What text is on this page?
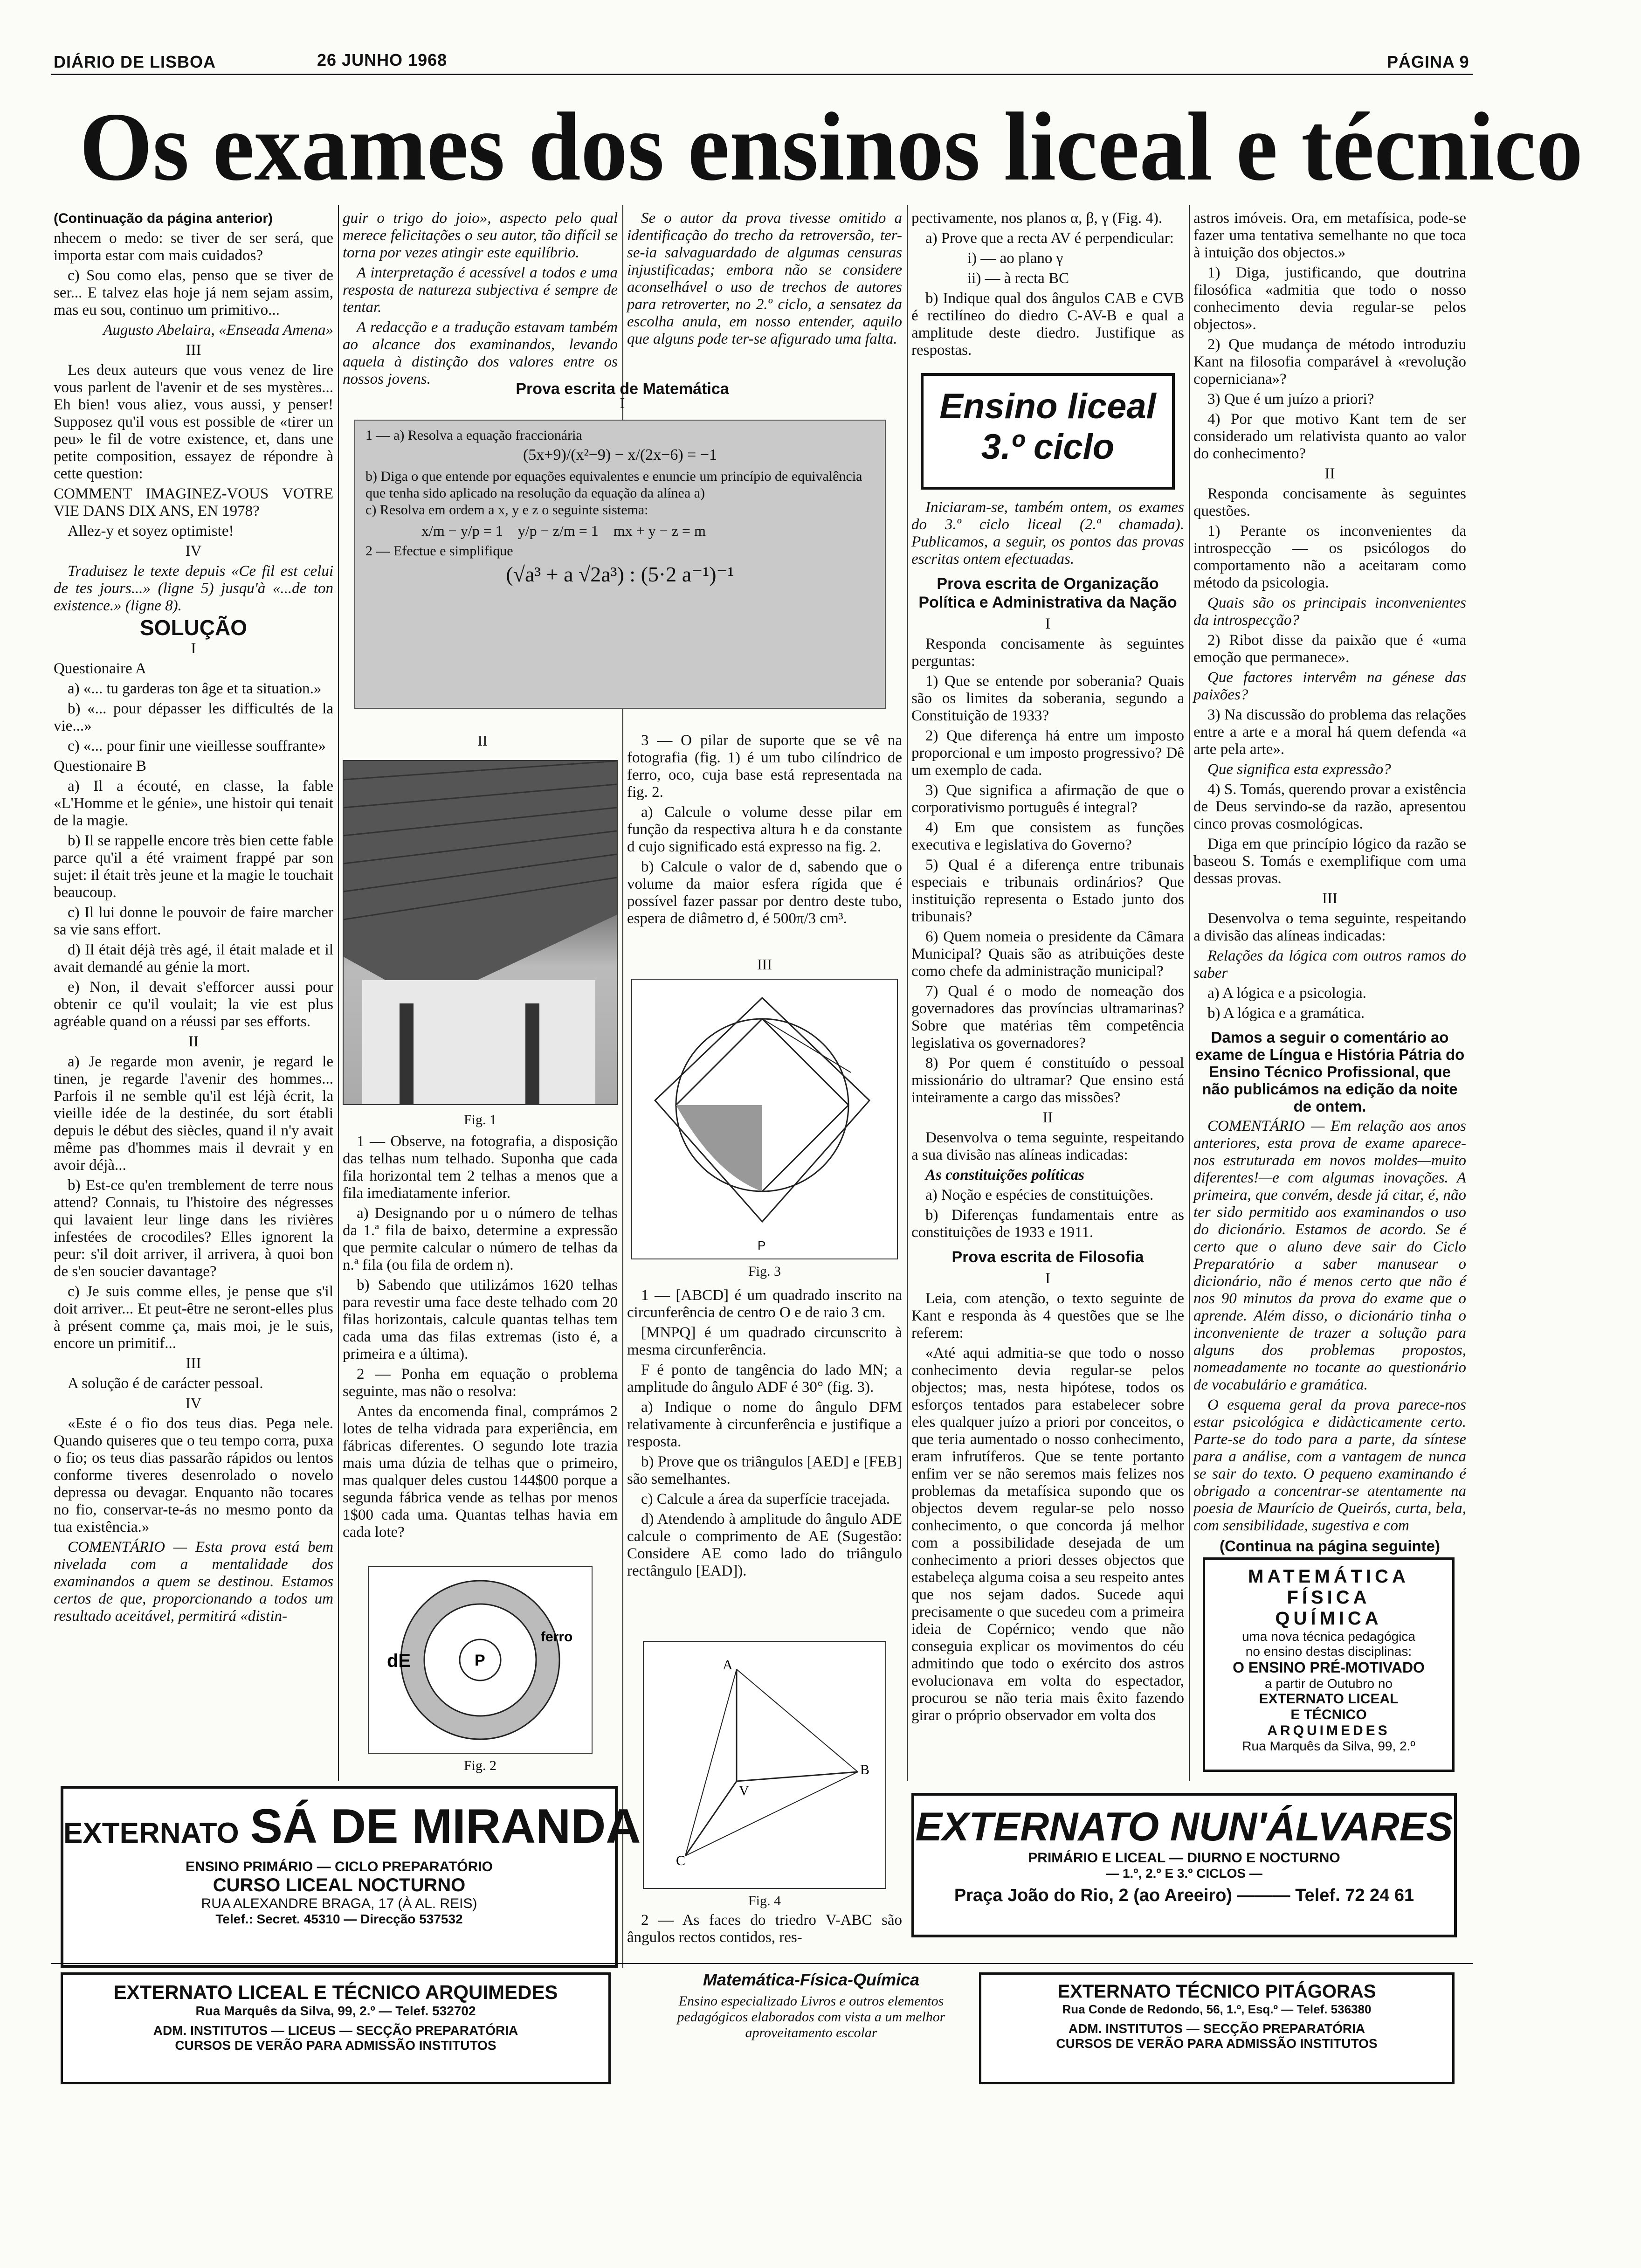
DIÁRIO DE LISBOA	26 JUNHO 1968	PÁGINA 9
Os exames dos ensinos liceal e técnico

(Continuação da página anterior)

nhecem o medo: se tiver de ser será, que importa estar com mais cuidados?

c) Sou como elas, penso que se tiver de ser... E talvez elas hoje já nem sejam assim, mas eu sou, continuo um primitivo...

Augusto Abelaira, «Enseada Amena»

III

Les deux auteurs que vous venez de lire vous parlent de l'avenir et de ses mystères... Eh bien! vous aliez, vous aussi, y penser! Supposez qu'il vous est possible de «tirer un peu» le fil de votre existence, et, dans une petite composition, essayez de répondre à cette question:

COMMENT IMAGINEZ-VOUS VOTRE VIE DANS DIX ANS, EN 1978?

Allez-y et soyez optimiste!

IV

Traduisez le texte depuis «Ce fil est celui de tes jours...» (ligne 5) jusqu'à «...de ton existence.» (ligne 8).

SOLUÇÃO

I

Questionaire A

a) «... tu garderas ton âge et ta situation.»

b) «... pour dépasser les difficultés de la vie...»

c) «... pour finir une vieillesse souffrante»

Questionaire B

a) Il a écouté, en classe, la fable «L'Homme et le génie», une histoir qui tenait de la magie.

b) Il se rappelle encore très bien cette fable parce qu'il a été vraiment frappé par son sujet: il était très jeune et la magie le touchait beaucoup.

c) Il lui donne le pouvoir de faire marcher sa vie sans effort.

d) Il était déjà très agé, il était malade et il avait demandé au génie la mort.

e) Non, il devait s'efforcer aussi pour obtenir ce qu'il voulait; la vie est plus agréable quand on a réussi par ses efforts.

II

a) Je regarde mon avenir, je regard le tinen, je regarde l'avenir des hommes... Parfois il ne semble qu'il est léjà écrit, la vieille idée de la destinée, du sort établi depuis le début des siècles, quand il n'y avait même pas d'hommes mais il devrait y en avoir déjà...

b) Est-ce qu'en tremblement de terre nous attend? Connais, tu l'histoire des négresses qui lavaient leur linge dans les rivières infestées de crocodiles? Elles ignorent la peur: s'il doit arriver, il arrivera, à quoi bon de s'en soucier davantage?

c) Je suis comme elles, je pense que s'il doit arriver... Et peut-être ne seront-elles plus à présent comme ça, mais moi, je le suis, encore un primitif...

III

A solução é de carácter pessoal.

IV

«Este é o fio dos teus dias. Pega nele. Quando quiseres que o teu tempo corra, puxa o fio; os teus dias passarão rápidos ou lentos conforme tiveres desenrolado o novelo depressa ou devagar. Enquanto não tocares no fio, conservar-te-ás no mesmo ponto da tua existência.»

COMENTÁRIO — Esta prova está bem nivelada com a mentalidade dos examinandos a quem se destinou. Estamos certos de que, proporcionando a todos um resultado aceitável, permitirá «distin-

guir o trigo do joio», aspecto pelo qual merece felicitações o seu autor, tão difícil se torna por vezes atingir este equilíbrio.

A interpretação é acessível a todos e uma resposta de natureza subjectiva é sempre de tentar.

A redacção e a tradução estavam também ao alcance dos examinandos, levando aquela à distinção dos valores entre os nossos jovens.

Se o autor da prova tivesse omitido a identificação do trecho da retroversão, ter-se-ia salvaguardado de algumas censuras injustificadas; embora não se considere aconselhável o uso de trechos de autores para retroverter, no 2.º ciclo, a sensatez da escolha anula, em nosso entender, aquilo que alguns pode ter-se afigurado uma falta.

Prova escrita de Matemática
I
1 — a) Resolva a equação fraccionária
(5x+9)/(x²−9) − x/(2x−6) = −1
b) Diga o que entende por equações equivalentes e enuncie um princípio de equivalência que tenha sido aplicado na resolução da equação da alínea a)
c) Resolva em ordem a x, y e z o seguinte sistema:
x/m − y/p = 1    y/p − z/m = 1    mx + y − z = m
2 — Efectue e simplifique
(√a³ + a √2a³) : (5·2 a⁻¹)⁻¹
II
Fig. 1

1 — Observe, na fotografia, a disposição das telhas num telhado. Suponha que cada fila horizontal tem 2 telhas a menos que a fila imediatamente inferior.

a) Designando por u o número de telhas da 1.ª fila de baixo, determine a expressão que permite calcular o número de telhas da n.ª fila (ou fila de ordem n).

b) Sabendo que utilizámos 1620 telhas para revestir uma face deste telhado com 20 filas horizontais, calcule quantas telhas tem cada uma das filas extremas (isto é, a primeira e a última).

2 — Ponha em equação o problema seguinte, mas não o resolva:

Antes da encomenda final, comprámos 2 lotes de telha vidrada para experiência, em fábricas diferentes. O segundo lote trazia mais uma dúzia de telhas que o primeiro, mas qualquer deles custou 144$00 porque a segunda fábrica vende as telhas por menos 1$00 cada uma. Quantas telhas havia em cada lote?

P
dE
ferro
Fig. 2

3 — O pilar de suporte que se vê na fotografia (fig. 1) é um tubo cilíndrico de ferro, oco, cuja base está representada na fig. 2.

a) Calcule o volume desse pilar em função da respectiva altura h e da constante d cujo significado está expresso na fig. 2.

b) Calcule o valor de d, sabendo que o volume da maior esfera rígida que é possível fazer passar por dentro deste tubo, espera de diâmetro d, é 500π/3 cm³.

III
P
Fig. 3

1 — [ABCD] é um quadrado inscrito na circunferência de centro O e de raio 3 cm.

[MNPQ] é um quadrado circunscrito à mesma circunferência.

F é ponto de tangência do lado MN; a amplitude do ângulo ADF é 30° (fig. 3).

a) Indique o nome do ângulo DFM relativamente à circunferência e justifique a resposta.

b) Prove que os triângulos [AED] e [FEB] são semelhantes.

c) Calcule a área da superfície tracejada.

d) Atendendo à amplitude do ângulo ADE calcule o comprimento de AE (Sugestão: Considere AE como lado do triângulo rectângulo [EAD]).

A
V
B
C
Fig. 4

2 — As faces do triedro V-ABC são ângulos rectos contidos, res-

pectivamente, nos planos α, β, γ (Fig. 4).

a) Prove que a recta AV é perpendicular:

i) — ao plano γ

ii) — à recta BC

b) Indique qual dos ângulos CAB e CVB é rectilíneo do diedro C-AV-B e qual a amplitude deste diedro. Justifique as respostas.

Ensino liceal
3.º ciclo

Iniciaram-se, também ontem, os exames do 3.º ciclo liceal (2.ª chamada). Publicamos, a seguir, os pontos das provas escritas ontem efectuadas.

Prova escrita de Organização Política e Administrativa da Nação

I

Responda concisamente às seguintes perguntas:

1) Que se entende por soberania? Quais são os limites da soberania, segundo a Constituição de 1933?

2) Que diferença há entre um imposto proporcional e um imposto progressivo? Dê um exemplo de cada.

3) Que significa a afirmação de que o corporativismo português é integral?

4) Em que consistem as funções executiva e legislativa do Governo?

5) Qual é a diferença entre tribunais especiais e tribunais ordinários? Que instituição representa o Estado junto dos tribunais?

6) Quem nomeia o presidente da Câmara Municipal? Quais são as atribuições deste como chefe da administração municipal?

7) Qual é o modo de nomeação dos governadores das províncias ultramarinas? Sobre que matérias têm competência legislativa os governadores?

8) Por quem é constituído o pessoal missionário do ultramar? Que ensino está inteiramente a cargo das missões?

II

Desenvolva o tema seguinte, respeitando a sua divisão nas alíneas indicadas:

As constituições políticas

a) Noção e espécies de constituições.

b) Diferenças fundamentais entre as constituições de 1933 e 1911.

Prova escrita de Filosofia

I

Leia, com atenção, o texto seguinte de Kant e responda às 4 questões que se lhe referem:

«Até aqui admitia-se que todo o nosso conhecimento devia regular-se pelos objectos; mas, nesta hipótese, todos os esforços tentados para estabelecer sobre eles qualquer juízo a priori por conceitos, o que teria aumentado o nosso conhecimento, eram infrutíferos. Que se tente portanto enfim ver se não seremos mais felizes nos problemas da metafísica supondo que os objectos devem regular-se pelo nosso conhecimento, o que concorda já melhor com a possibilidade desejada de um conhecimento a priori desses objectos que estabeleça alguma coisa a seu respeito antes que nos sejam dados. Sucede aqui precisamente o que sucedeu com a primeira ideia de Copérnico; vendo que não conseguia explicar os movimentos do céu admitindo que todo o exército dos astros evolucionava em volta do espectador, procurou se não teria mais êxito fazendo girar o próprio observador em volta dos

astros imóveis. Ora, em metafísica, pode-se fazer uma tentativa semelhante no que toca à intuição dos objectos.»

1) Diga, justificando, que doutrina filosófica «admitia que todo o nosso conhecimento devia regular-se pelos objectos».

2) Que mudança de método introduziu Kant na filosofia comparável à «revolução coperniciana»?

3) Que é um juízo a priori?

4) Por que motivo Kant tem de ser considerado um relativista quanto ao valor do conhecimento?

II

Responda concisamente às seguintes questões.

1) Perante os inconvenientes da introspecção — os psicólogos do comportamento não a aceitaram como método da psicologia.

Quais são os principais inconvenientes da introspecção?

2) Ribot disse da paixão que é «uma emoção que permanece».

Que factores intervêm na génese das paixões?

3) Na discussão do problema das relações entre a arte e a moral há quem defenda «a arte pela arte».

Que significa esta expressão?

4) S. Tomás, querendo provar a existência de Deus servindo-se da razão, apresentou cinco provas cosmológicas.

Diga em que princípio lógico da razão se baseou S. Tomás e exemplifique com uma dessas provas.

III

Desenvolva o tema seguinte, respeitando a divisão das alíneas indicadas:

Relações da lógica com outros ramos do saber

a) A lógica e a psicologia.

b) A lógica e a gramática.

Damos a seguir o comentário ao exame de Língua e História Pátria do Ensino Técnico Profissional, que não publicámos na edição da noite de ontem.

COMENTÁRIO — Em relação aos anos anteriores, esta prova de exame aparece-nos estruturada em novos moldes—muito diferentes!—e com algumas inovações. A primeira, que convém, desde já citar, é, não ter sido permitido aos examinandos o uso do dicionário. Estamos de acordo. Se é certo que o aluno deve sair do Ciclo Preparatório a saber manusear o dicionário, não é menos certo que não é nos 90 minutos da prova do exame que o aprende. Além disso, o dicionário tinha o inconveniente de trazer a solução para alguns dos problemas propostos, nomeadamente no tocante ao questionário de vocabulário e gramática.

O esquema geral da prova parece-nos estar psicológica e didàcticamente certo. Parte-se do todo para a parte, da síntese para a análise, com a vantagem de nunca se sair do texto. O pequeno examinando é obrigado a concentrar-se atentamente na poesia de Maurício de Queirós, curta, bela, com sensibilidade, sugestiva e com

(Continua na página seguinte)

MATEMÁTICA
FÍSICA
QUÍMICA
uma nova técnica pedagógica
no ensino destas disciplinas:
O ENSINO PRÉ-MOTIVADO
a partir de Outubro no
EXTERNATO LICEAL
E TÉCNICO
ARQUIMEDES
Rua Marquês da Silva, 99, 2.º
EXTERNATO SÁ DE MIRANDA
ENSINO PRIMÁRIO — CICLO PREPARATÓRIO
CURSO LICEAL NOCTURNO
RUA ALEXANDRE BRAGA, 17 (À AL. REIS)
Telef.: Secret. 45310 — Direcção 537532
EXTERNATO NUN'ÁLVARES
PRIMÁRIO E LICEAL — DIURNO E NOCTURNO
— 1.º, 2.º E 3.º CICLOS —
Praça João do Rio, 2 (ao Areeiro) ——— Telef. 72 24 61
EXTERNATO LICEAL E TÉCNICO ARQUIMEDES
Rua Marquês da Silva, 99, 2.º — Telef. 532702
ADM. INSTITUTOS — LICEUS — SECÇÃO PREPARATÓRIA
CURSOS DE VERÃO PARA ADMISSÃO INSTITUTOS
Matemática-Física-Química
Ensino especializado Livros e outros elementos
pedagógicos elaborados com vista a um melhor
aproveitamento escolar
EXTERNATO TÉCNICO PITÁGORAS
Rua Conde de Redondo, 56, 1.º, Esq.º — Telef. 536380
ADM. INSTITUTOS — SECÇÃO PREPARATÓRIA
CURSOS DE VERÃO PARA ADMISSÃO INSTITUTOS
